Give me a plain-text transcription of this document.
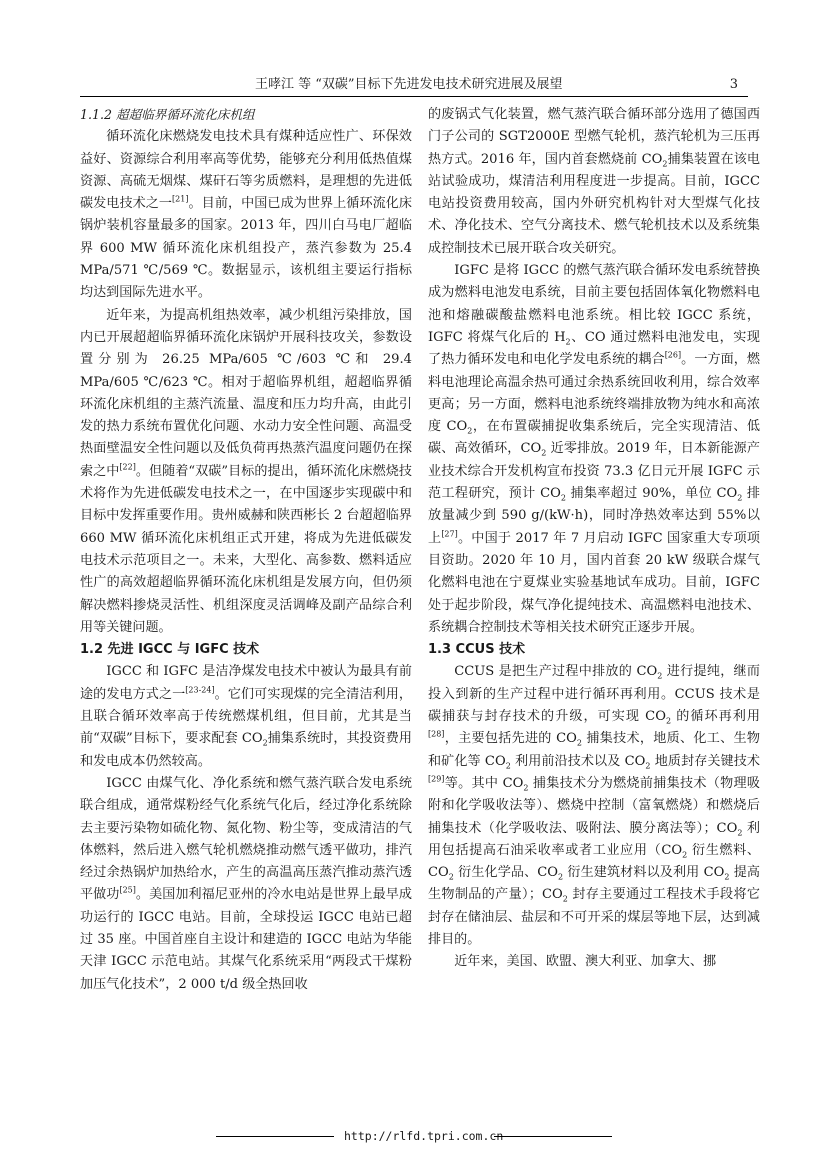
王哮江 等 “双碳”目标下先进发电技术研究进展及展望	3
1.1.2 超超临界循环流化床机组

循环流化床燃烧发电技术具有煤种适应性广、环保效益好、资源综合利用率高等优势，能够充分利用低热值煤资源、高硫无烟煤、煤矸石等劣质燃料，是理想的先进低碳发电技术之一[21]。目前，中国已成为世界上循环流化床锅炉装机容量最多的国家。2013 年，四川白马电厂超临界 600 MW 循环流化床机组投产，蒸汽参数为 25.4 MPa/571 ℃/569 ℃。数据显示，该机组主要运行指标均达到国际先进水平。

近年来，为提高机组热效率，减少机组污染排放，国内已开展超超临界循环流化床锅炉开展科技攻关，参数设置分别为 26.25 MPa/605 ℃/603 ℃和 29.4 MPa/605 ℃/623 ℃。相对于超临界机组，超超临界循环流化床机组的主蒸汽流量、温度和压力均升高，由此引发的热力系统布置优化问题、水动力安全性问题、高温受热面壁温安全性问题以及低负荷再热蒸汽温度问题仍在探索之中[22]。但随着“双碳”目标的提出，循环流化床燃烧技术将作为先进低碳发电技术之一，在中国逐步实现碳中和目标中发挥重要作用。贵州威赫和陕西彬长 2 台超超临界 660 MW 循环流化床机组正式开建，将成为先进低碳发电技术示范项目之一。未来，大型化、高参数、燃料适应性广的高效超超临界循环流化床机组是发展方向，但仍须解决燃料掺烧灵活性、机组深度灵活调峰及副产品综合利用等关键问题。

1.2 先进 IGCC 与 IGFC 技术

IGCC 和 IGFC 是洁净煤发电技术中被认为最具有前途的发电方式之一[23-24]。它们可实现煤的完全清洁利用，且联合循环效率高于传统燃煤机组，但目前，尤其是当前“双碳”目标下，要求配套 $CO_2$捕集系统时，其投资费用和发电成本仍然较高。

IGCC 由煤气化、净化系统和燃气蒸汽联合发电系统联合组成，通常煤粉经气化系统气化后，经过净化系统除去主要污染物如硫化物、氮化物、粉尘等，变成清洁的气体燃料，然后进入燃气轮机燃烧推动燃气透平做功，排汽经过余热锅炉加热给水，产生的高温高压蒸汽推动蒸汽透平做功[25]。美国加利福尼亚州的冷水电站是世界上最早成功运行的 IGCC 电站。目前，全球投运 IGCC 电站已超过 35 座。中国首座自主设计和建造的 IGCC 电站为华能天津 IGCC 示范电站。其煤气化系统采用“两段式干煤粉加压气化技术”，2 000 t/d 级全热回收

的废锅式气化装置，燃气蒸汽联合循环部分选用了德国西门子公司的 SGT2000E 型燃气轮机，蒸汽轮机为三压再热方式。2016 年，国内首套燃烧前 $CO_2$捕集装置在该电站试验成功，煤清洁利用程度进一步提高。目前，IGCC 电站投资费用较高，国内外研究机构针对大型煤气化技术、净化技术、空气分离技术、燃气轮机技术以及系统集成控制技术已展开联合攻关研究。

IGFC 是将 IGCC 的燃气蒸汽联合循环发电系统替换成为燃料电池发电系统，目前主要包括固体氧化物燃料电池和熔融碳酸盐燃料电池系统。相比较 IGCC 系统，IGFC 将煤气化后的 $H_2$、CO 通过燃料电池发电，实现了热力循环发电和电化学发电系统的耦合[26]。一方面，燃料电池理论高温余热可通过余热系统回收利用，综合效率更高；另一方面，燃料电池系统终端排放物为纯水和高浓度 $CO_2$，在布置碳捕捉收集系统后，完全实现清洁、低碳、高效循环，$CO_2$ 近零排放。2019 年，日本新能源产业技术综合开发机构宣布投资 73.3 亿日元开展 IGFC 示范工程研究，预计 $CO_2$ 捕集率超过 90%，单位 $CO_2$ 排放量减少到 590 g/(kW·h)，同时净热效率达到 55%以上[27]。中国于 2017 年 7 月启动 IGFC 国家重大专项项目资助。2020 年 10 月，国内首套 20 kW 级联合煤气化燃料电池在宁夏煤业实验基地试车成功。目前，IGFC 处于起步阶段，煤气净化提纯技术、高温燃料电池技术、系统耦合控制技术等相关技术研究正逐步开展。

1.3 CCUS 技术

CCUS 是把生产过程中排放的 $CO_2$ 进行提纯，继而投入到新的生产过程中进行循环再利用。CCUS 技术是碳捕获与封存技术的升级，可实现 $CO_2$ 的循环再利用[28]，主要包括先进的 $CO_2$ 捕集技术，地质、化工、生物和矿化等 $CO_2$ 利用前沿技术以及 $CO_2$ 地质封存关键技术[29]等。其中 $CO_2$ 捕集技术分为燃烧前捕集技术（物理吸附和化学吸收法等）、燃烧中控制（富氧燃烧）和燃烧后捕集技术（化学吸收法、吸附法、膜分离法等）；$CO_2$ 利用包括提高石油采收率或者工业应用（$CO_2$ 衍生燃料、$CO_2$ 衍生化学品、$CO_2$ 衍生建筑材料以及利用 $CO_2$ 提高生物制品的产量）；$CO_2$ 封存主要通过工程技术手段将它封存在储油层、盐层和不可开采的煤层等地下层，达到减排目的。

近年来，美国、欧盟、澳大利亚、加拿大、挪

http://rlfd.tpri.com.cn
